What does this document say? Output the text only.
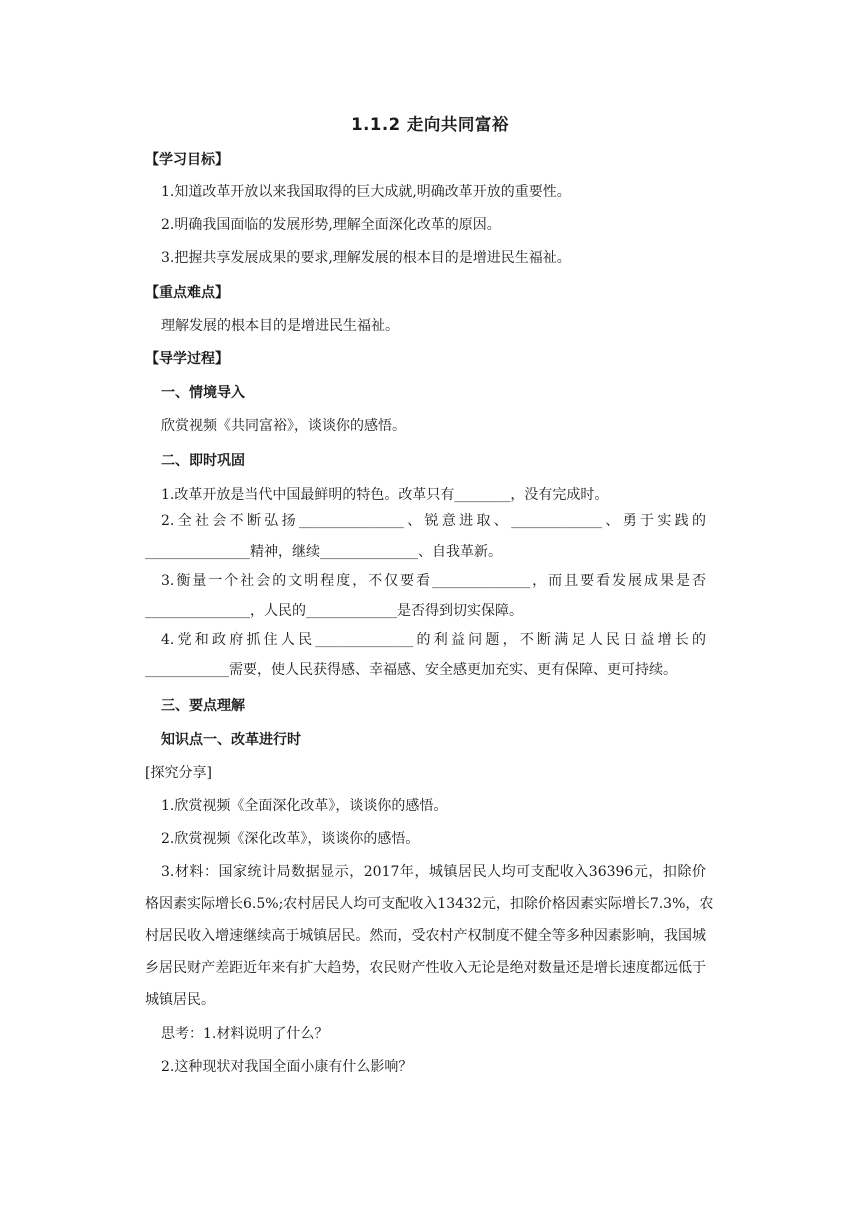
1.1.2 走向共同富裕
【学习目标】
1.知道改革开放以来我国取得的巨大成就,明确改革开放的重要性。
2.明确我国面临的发展形势,理解全面深化改革的原因。
3.把握共享发展成果的要求,理解发展的根本目的是增进民生福祉。
【重点难点】
理解发展的根本目的是增进民生福祉。
【导学过程】
一、情境导入
欣赏视频《共同富裕》，谈谈你的感悟。
二、即时巩固
1.改革开放是当代中国最鲜明的特色。改革只有________，没有完成时。
2.全社会不断弘扬_______________、锐意进取、_____________、勇于实践的
_______________精神，继续______________、自我革新。
3.衡量一个社会的文明程度，不仅要看______________，而且要看发展成果是否
_______________，人民的_____________是否得到切实保障。
4.党和政府抓住人民______________的利益问题，不断满足人民日益增长的
____________需要，使人民获得感、幸福感、安全感更加充实、更有保障、更可持续。
三、要点理解
知识点一、改革进行时
[探究分享]
1.欣赏视频《全面深化改革》，谈谈你的感悟。
2.欣赏视频《深化改革》，谈谈你的感悟。
3.材料：国家统计局数据显示，2017年，城镇居民人均可支配收入36396元，扣除价
格因素实际增长6.5%;农村居民人均可支配收入13432元，扣除价格因素实际增长7.3%，农
村居民收入增速继续高于城镇居民。然而，受农村产权制度不健全等多种因素影响，我国城
乡居民财产差距近年来有扩大趋势，农民财产性收入无论是绝对数量还是增长速度都远低于
城镇居民。
思考：1.材料说明了什么？
2.这种现状对我国全面小康有什么影响？
